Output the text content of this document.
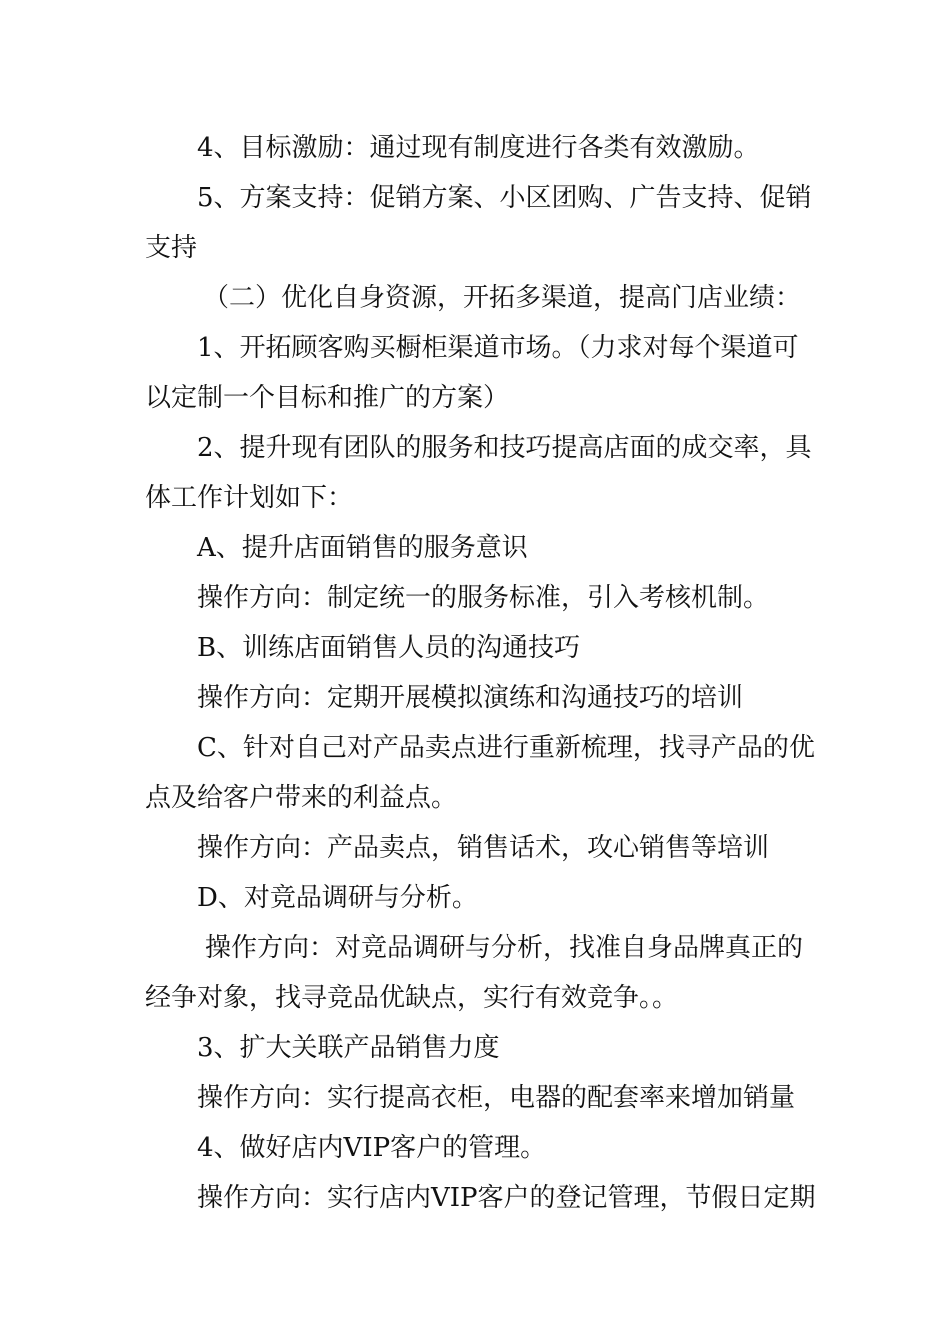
4、目标激励：通过现有制度进行各类有效激励。
5、方案支持：促销方案、小区团购、广告支持、促销
支持
（二）优化自身资源，开拓多渠道，提高门店业绩：
1、开拓顾客购买橱柜渠道市场。（力求对每个渠道可
以定制一个目标和推广的方案）
2、提升现有团队的服务和技巧提高店面的成交率，具
体工作计划如下：
A、提升店面销售的服务意识
操作方向：制定统一的服务标准，引入考核机制。
B、训练店面销售人员的沟通技巧
操作方向：定期开展模拟演练和沟通技巧的培训
C、针对自己对产品卖点进行重新梳理，找寻产品的优
点及给客户带来的利益点。
操作方向：产品卖点，销售话术，攻心销售等培训
D、对竞品调研与分析。
操作方向：对竞品调研与分析，找准自身品牌真正的
经争对象，找寻竞品优缺点，实行有效竞争。。
3、扩大关联产品销售力度
操作方向：实行提高衣柜，电器的配套率来增加销量
4、做好店内VIP客户的管理。
操作方向：实行店内VIP客户的登记管理，节假日定期
